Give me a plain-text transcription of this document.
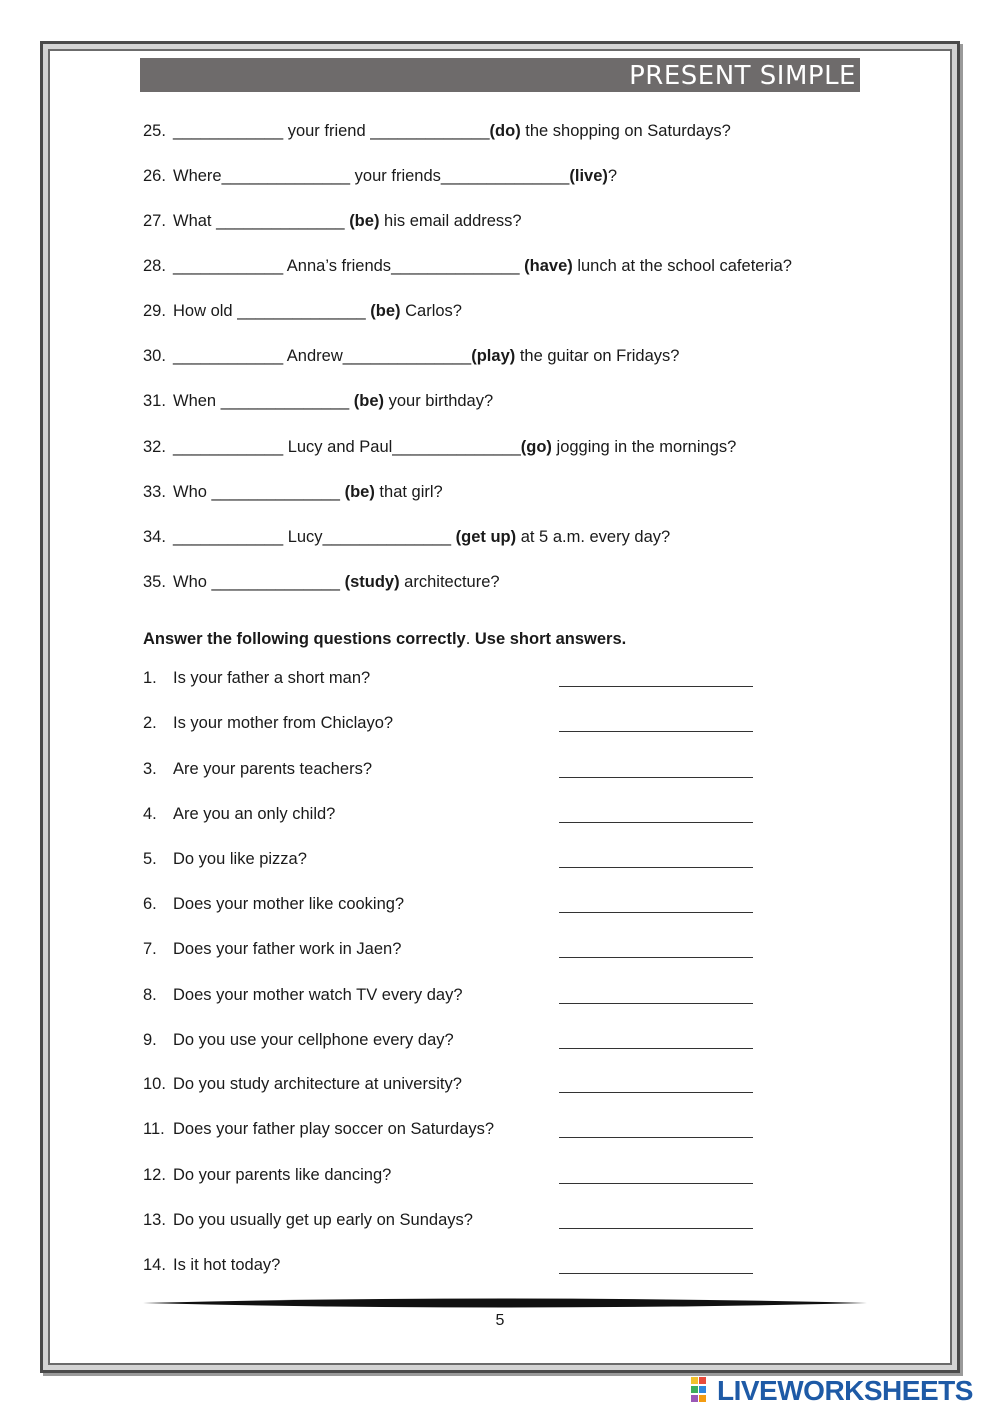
PRESENT SIMPLE
25. ____________ your friend _____________(do) the shopping on Saturdays?
26. Where______________ your friends______________(live)?
27. What ______________ (be) his email address?
28. ____________ Anna’s friends______________ (have) lunch at the school cafeteria?
29. How old ______________ (be) Carlos?
30. ____________ Andrew______________(play) the guitar on Fridays?
31. When ______________ (be) your birthday?
32. ____________ Lucy and Paul______________(go) jogging in the mornings?
33. Who ______________ (be) that girl?
34. ____________ Lucy______________ (get up) at 5 a.m. every day?
35. Who ______________ (study) architecture?
Answer the following questions correctly. Use short answers.
1. Is your father a short man?
2. Is your mother from Chiclayo?
3. Are your parents teachers?
4. Are you an only child?
5. Do you like pizza?
6. Does your mother like cooking?
7. Does your father work in Jaen?
8. Does your mother watch TV every day?
9. Do you use your cellphone every day?
10. Do you study architecture at university?
11. Does your father play soccer on Saturdays?
12. Do your parents like dancing?
13. Do you usually get up early on Sundays?
14. Is it hot today?
5
LIVEWORKSHEETS
